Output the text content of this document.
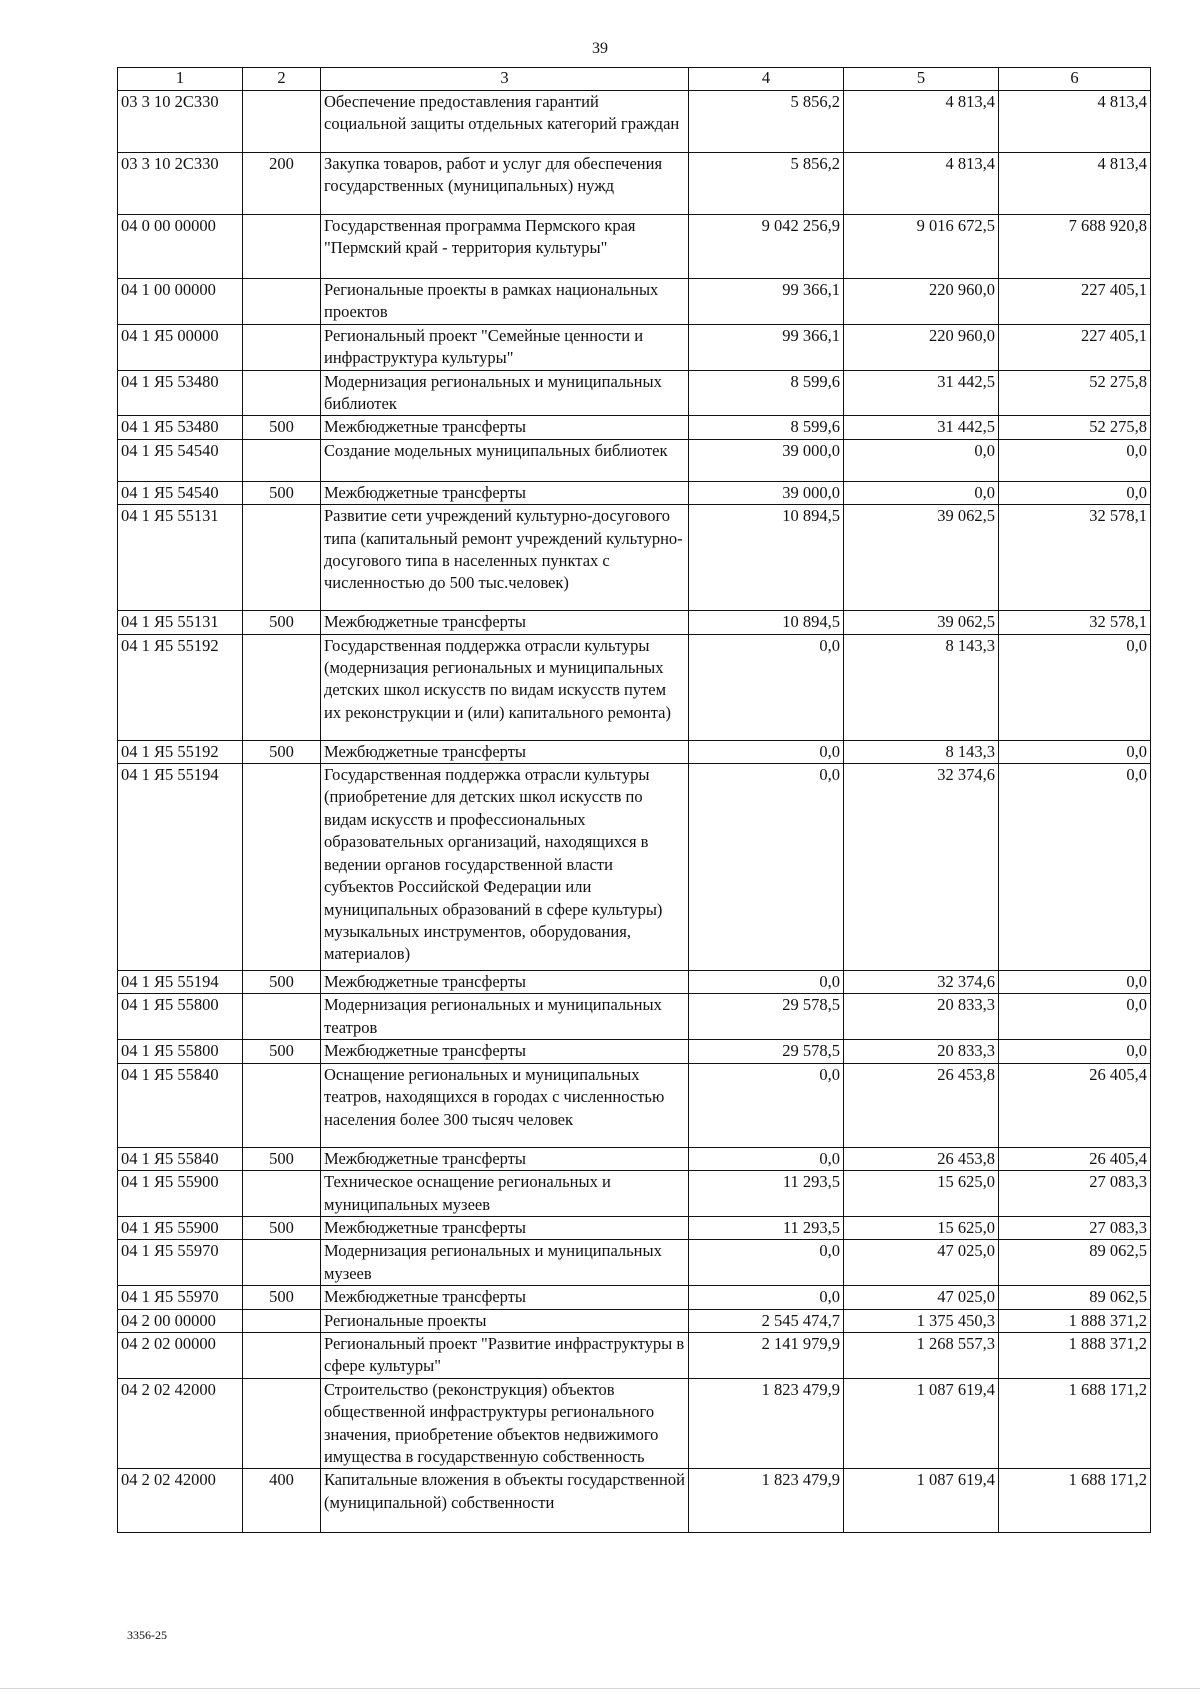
39
1	2	3	4	5	6
03 3 10 2С330		Обеспечение предоставления гарантий социальной защиты отдельных категорий граждан	5 856,2	4 813,4	4 813,4
03 3 10 2С330	200	Закупка товаров, работ и услуг для обеспечения государственных (муниципальных) нужд	5 856,2	4 813,4	4 813,4
04 0 00 00000		Государственная программа Пермского края "Пермский край - территория культуры"	9 042 256,9	9 016 672,5	7 688 920,8
04 1 00 00000		Региональные проекты в рамках национальных проектов	99 366,1	220 960,0	227 405,1
04 1 Я5 00000		Региональный проект "Семейные ценности и инфраструктура культуры"	99 366,1	220 960,0	227 405,1
04 1 Я5 53480		Модернизация региональных и муниципальных библиотек	8 599,6	31 442,5	52 275,8
04 1 Я5 53480	500	Межбюджетные трансферты	8 599,6	31 442,5	52 275,8
04 1 Я5 54540		Создание модельных муниципальных библиотек	39 000,0	0,0	0,0
04 1 Я5 54540	500	Межбюджетные трансферты	39 000,0	0,0	0,0
04 1 Я5 55131		Развитие сети учреждений культурно-досугового типа (капитальный ремонт учреждений культурно-досугового типа в населенных пунктах с численностью до 500 тыс.человек)	10 894,5	39 062,5	32 578,1
04 1 Я5 55131	500	Межбюджетные трансферты	10 894,5	39 062,5	32 578,1
04 1 Я5 55192		Государственная поддержка отрасли культуры (модернизация региональных и муниципальных детских школ искусств по видам искусств путем их реконструкции и (или) капитального ремонта)	0,0	8 143,3	0,0
04 1 Я5 55192	500	Межбюджетные трансферты	0,0	8 143,3	0,0
04 1 Я5 55194		Государственная поддержка отрасли культуры (приобретение для детских школ искусств по видам искусств и профессиональных образовательных организаций, находящихся в ведении органов государственной власти субъектов Российской Федерации или муниципальных образований в сфере культуры) музыкальных инструментов, оборудования, материалов)	0,0	32 374,6	0,0
04 1 Я5 55194	500	Межбюджетные трансферты	0,0	32 374,6	0,0
04 1 Я5 55800		Модернизация региональных и муниципальных театров	29 578,5	20 833,3	0,0
04 1 Я5 55800	500	Межбюджетные трансферты	29 578,5	20 833,3	0,0
04 1 Я5 55840		Оснащение региональных и муниципальных театров, находящихся в городах с численностью населения более 300 тысяч человек	0,0	26 453,8	26 405,4
04 1 Я5 55840	500	Межбюджетные трансферты	0,0	26 453,8	26 405,4
04 1 Я5 55900		Техническое оснащение региональных и муниципальных музеев	11 293,5	15 625,0	27 083,3
04 1 Я5 55900	500	Межбюджетные трансферты	11 293,5	15 625,0	27 083,3
04 1 Я5 55970		Модернизация региональных и муниципальных музеев	0,0	47 025,0	89 062,5
04 1 Я5 55970	500	Межбюджетные трансферты	0,0	47 025,0	89 062,5
04 2 00 00000		Региональные проекты	2 545 474,7	1 375 450,3	1 888 371,2
04 2 02 00000		Региональный проект "Развитие инфраструктуры в сфере культуры"	2 141 979,9	1 268 557,3	1 888 371,2
04 2 02 42000		Строительство (реконструкция) объектов общественной инфраструктуры регионального значения, приобретение объектов недвижимого имущества в государственную собственность	1 823 479,9	1 087 619,4	1 688 171,2
04 2 02 42000	400	Капитальные вложения в объекты государственной (муниципальной) собственности	1 823 479,9	1 087 619,4	1 688 171,2
3356-25
